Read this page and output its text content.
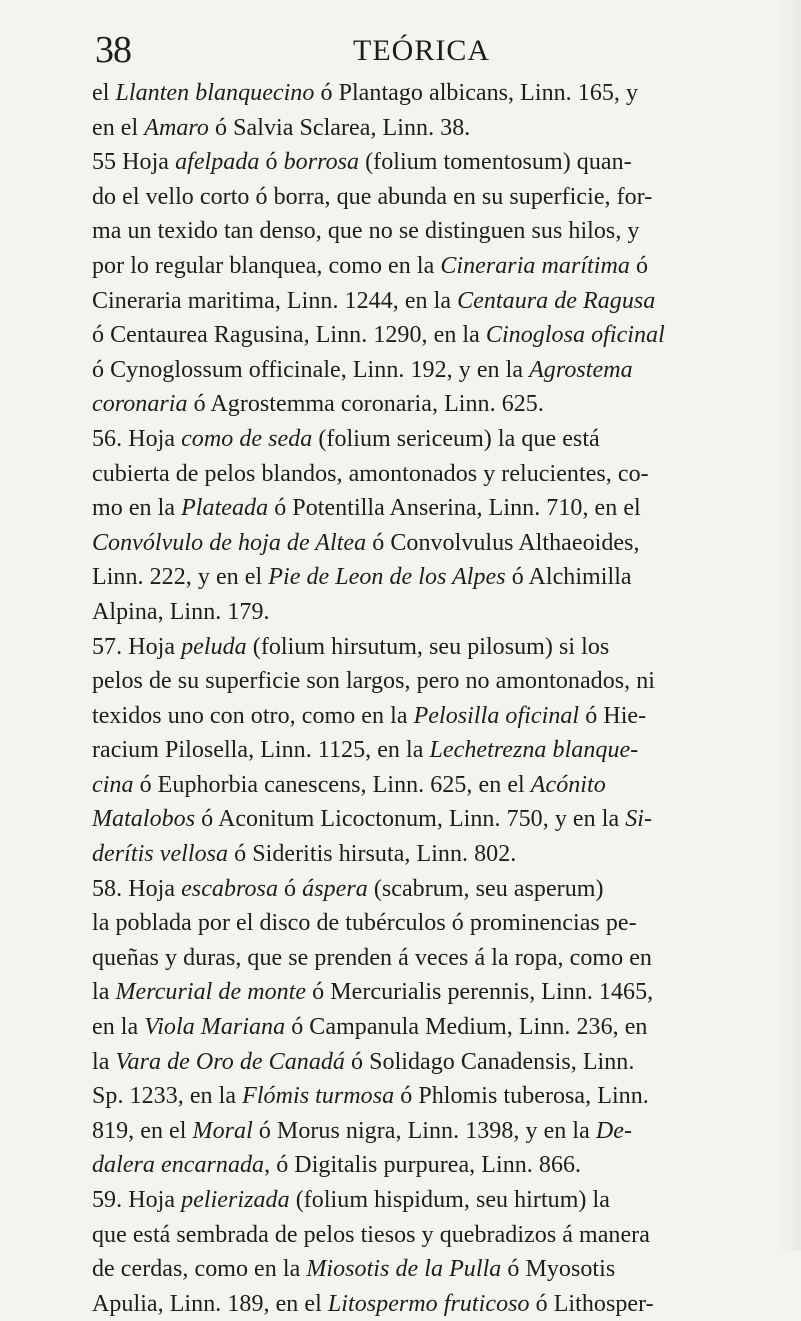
38	TEÓRICA
el Llanten blanquecino ó Plantago albicans, Linn. 165, y
en el Amaro ó Salvia Sclarea, Linn. 38.
55 Hoja afelpada ó borrosa (folium tomentosum) quan-
do el vello corto ó borra, que abunda en su superficie, for-
ma un texido tan denso, que no se distinguen sus hilos, y
por lo regular blanquea, como en la Cineraria marítima ó
Cineraria maritima, Linn. 1244, en la Centaura de Ragusa
ó Centaurea Ragusina, Linn. 1290, en la Cinoglosa oficinal
ó Cynoglossum officinale, Linn. 192, y en la Agrostema
coronaria ó Agrostemma coronaria, Linn. 625.
56. Hoja como de seda (folium sericeum) la que está
cubierta de pelos blandos, amontonados y relucientes, co-
mo en la Plateada ó Potentilla Anserina, Linn. 710, en el
Convólvulo de hoja de Altea ó Convolvulus Althaeoides,
Linn. 222, y en el Pie de Leon de los Alpes ó Alchimilla
Alpina, Linn. 179.
57. Hoja peluda (folium hirsutum, seu pilosum) si los
pelos de su superficie son largos, pero no amontonados, ni
texidos uno con otro, como en la Pelosilla oficinal ó Hie-
racium Pilosella, Linn. 1125, en la Lechetrezna blanque-
cina ó Euphorbia canescens, Linn. 625, en el Acónito
Matalobos ó Aconitum Licoctonum, Linn. 750, y en la Si-
derítis vellosa ó Sideritis hirsuta, Linn. 802.
58. Hoja escabrosa ó áspera (scabrum, seu asperum)
la poblada por el disco de tubérculos ó prominencias pe-
queñas y duras, que se prenden á veces á la ropa, como en
la Mercurial de monte ó Mercurialis perennis, Linn. 1465,
en la Viola Mariana ó Campanula Medium, Linn. 236, en
la Vara de Oro de Canadá ó Solidago Canadensis, Linn.
Sp. 1233, en la Flómis turmosa ó Phlomis tuberosa, Linn.
819, en el Moral ó Morus nigra, Linn. 1398, y en la De-
dalera encarnada, ó Digitalis purpurea, Linn. 866.
59. Hoja pelierizada (folium hispidum, seu hirtum) la
que está sembrada de pelos tiesos y quebradizos á manera
de cerdas, como en la Miosotis de la Pulla ó Myosotis
Apulia, Linn. 189, en el Litospermo fruticoso ó Lithosper-
